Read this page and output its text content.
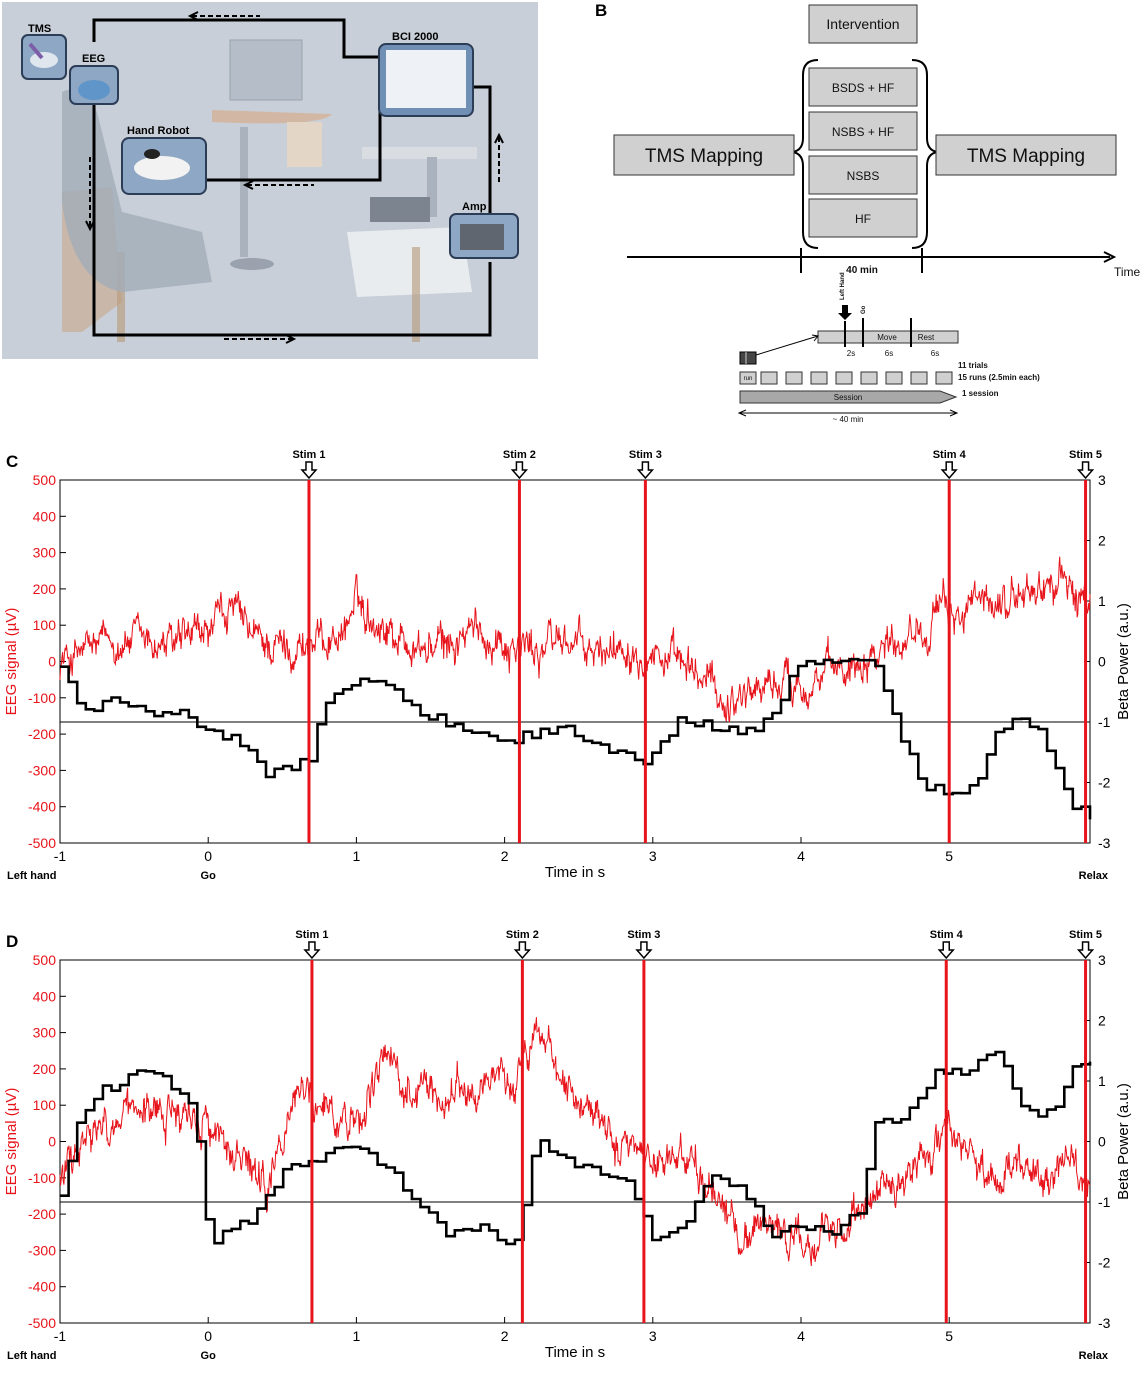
B
C
D
TMS
EEG
Hand Robot
BCI 2000
Amp
Intervention
BSDS + HF
NSBS + HF
NSBS
HF
TMS Mapping	TMS Mapping
40 min	Time
Left Hand
Go
Move	Rest
2s	6s	6s
11 trials
run	15 runs (2.5min each)
Session	1 session
~ 40 min
500
400
300
200
100
0
-100
-200
-300
-400
-500
3
2
1
0
-1
-2
-3
-1	0	1	2	3	4	5
EEG signal (µV)	Beta Power (a.u.)
Time in s
Left hand	Go	Relax
Stim 1	Stim 2	Stim 3	Stim 4	Stim 5
500
400
300
200
100
0
-100
-200
-300
-400
-500
3
2
1
0
-1
-2
-3
-1	0	1	2	3	4	5
EEG signal (µV)	Beta Power (a.u.)
Time in s
Left hand	Go	Relax
Stim 1	Stim 2	Stim 3	Stim 4	Stim 5
